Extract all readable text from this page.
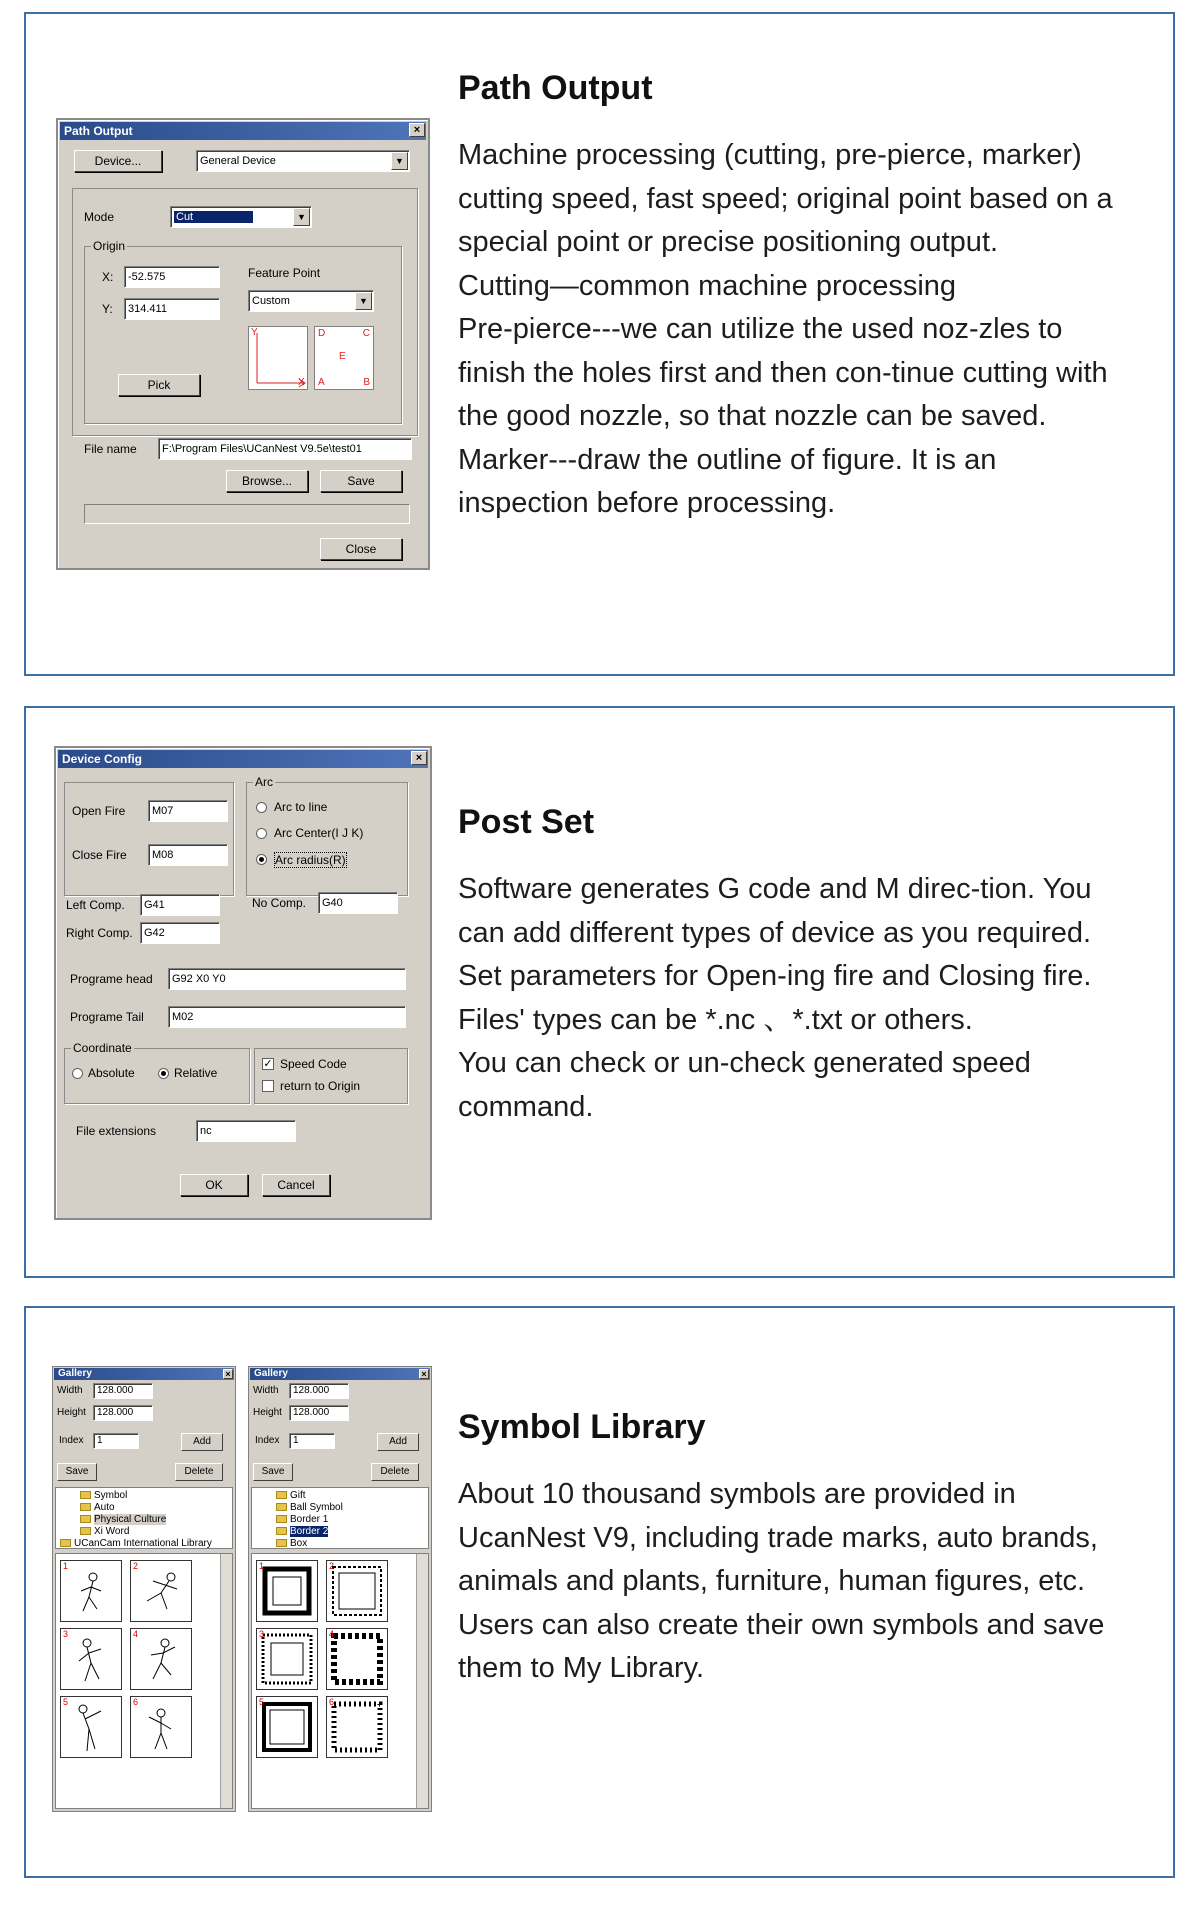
Path Output	×
Device...	General Device	▼
Mode	Cut	▼
Origin
X:	-52.575
Y:	314.411
Feature Point
Custom	▼
Y
X
D	C
E
A	B
Pick
File name	F:\Program Files\UCanNest V9.5e\test01
Browse...	Save
Close
Path Output
Machine processing (cutting, pre-pierce, marker) cutting speed, fast speed; original point based on a special point or precise positioning output.
Cutting—common machine processing
Pre-pierce---we can utilize the used noz-zles to finish the holes first and then con-tinue cutting with the good nozzle, so that nozzle can be saved.
Marker---draw the outline of figure. It is an inspection before processing.
Device Config	×
Open Fire	M07
Close Fire	M08
Arc
Arc to line
Arc Center(I J K)
Arc radius(R)
Left Comp.	G41
Right Comp.	G42
No Comp.	G40
Programe head	G92 X0 Y0
Programe Tail	M02
Coordinate
Absolute	Relative
✓ Speed Code
return to Origin
File extensions	nc
OK	Cancel
Post Set
Software generates G code and M direc-tion. You can add different types of device as you required. Set parameters for Open-ing fire and Closing fire.
Files' types can be *.nc 、*.txt or others.
You can check or un-check generated speed command.
Gallery	×
Width	128.000
Height	128.000
Index	1	Add
Save	Delete
Symbol
Auto
Physical Culture
Xi Word
UCanCam International Library
1	2
3	4
5	6
Gallery	×
Width	128.000
Height	128.000
Index	1	Add
Save	Delete
Gift
Ball Symbol
Border 1
Border 2
Box
1	2
3	4
5	6
Symbol Library
About 10 thousand symbols are provided in UcanNest V9, including trade marks, auto brands, animals and plants, furniture, human figures, etc. Users can also create their own symbols and save them to My Library.
